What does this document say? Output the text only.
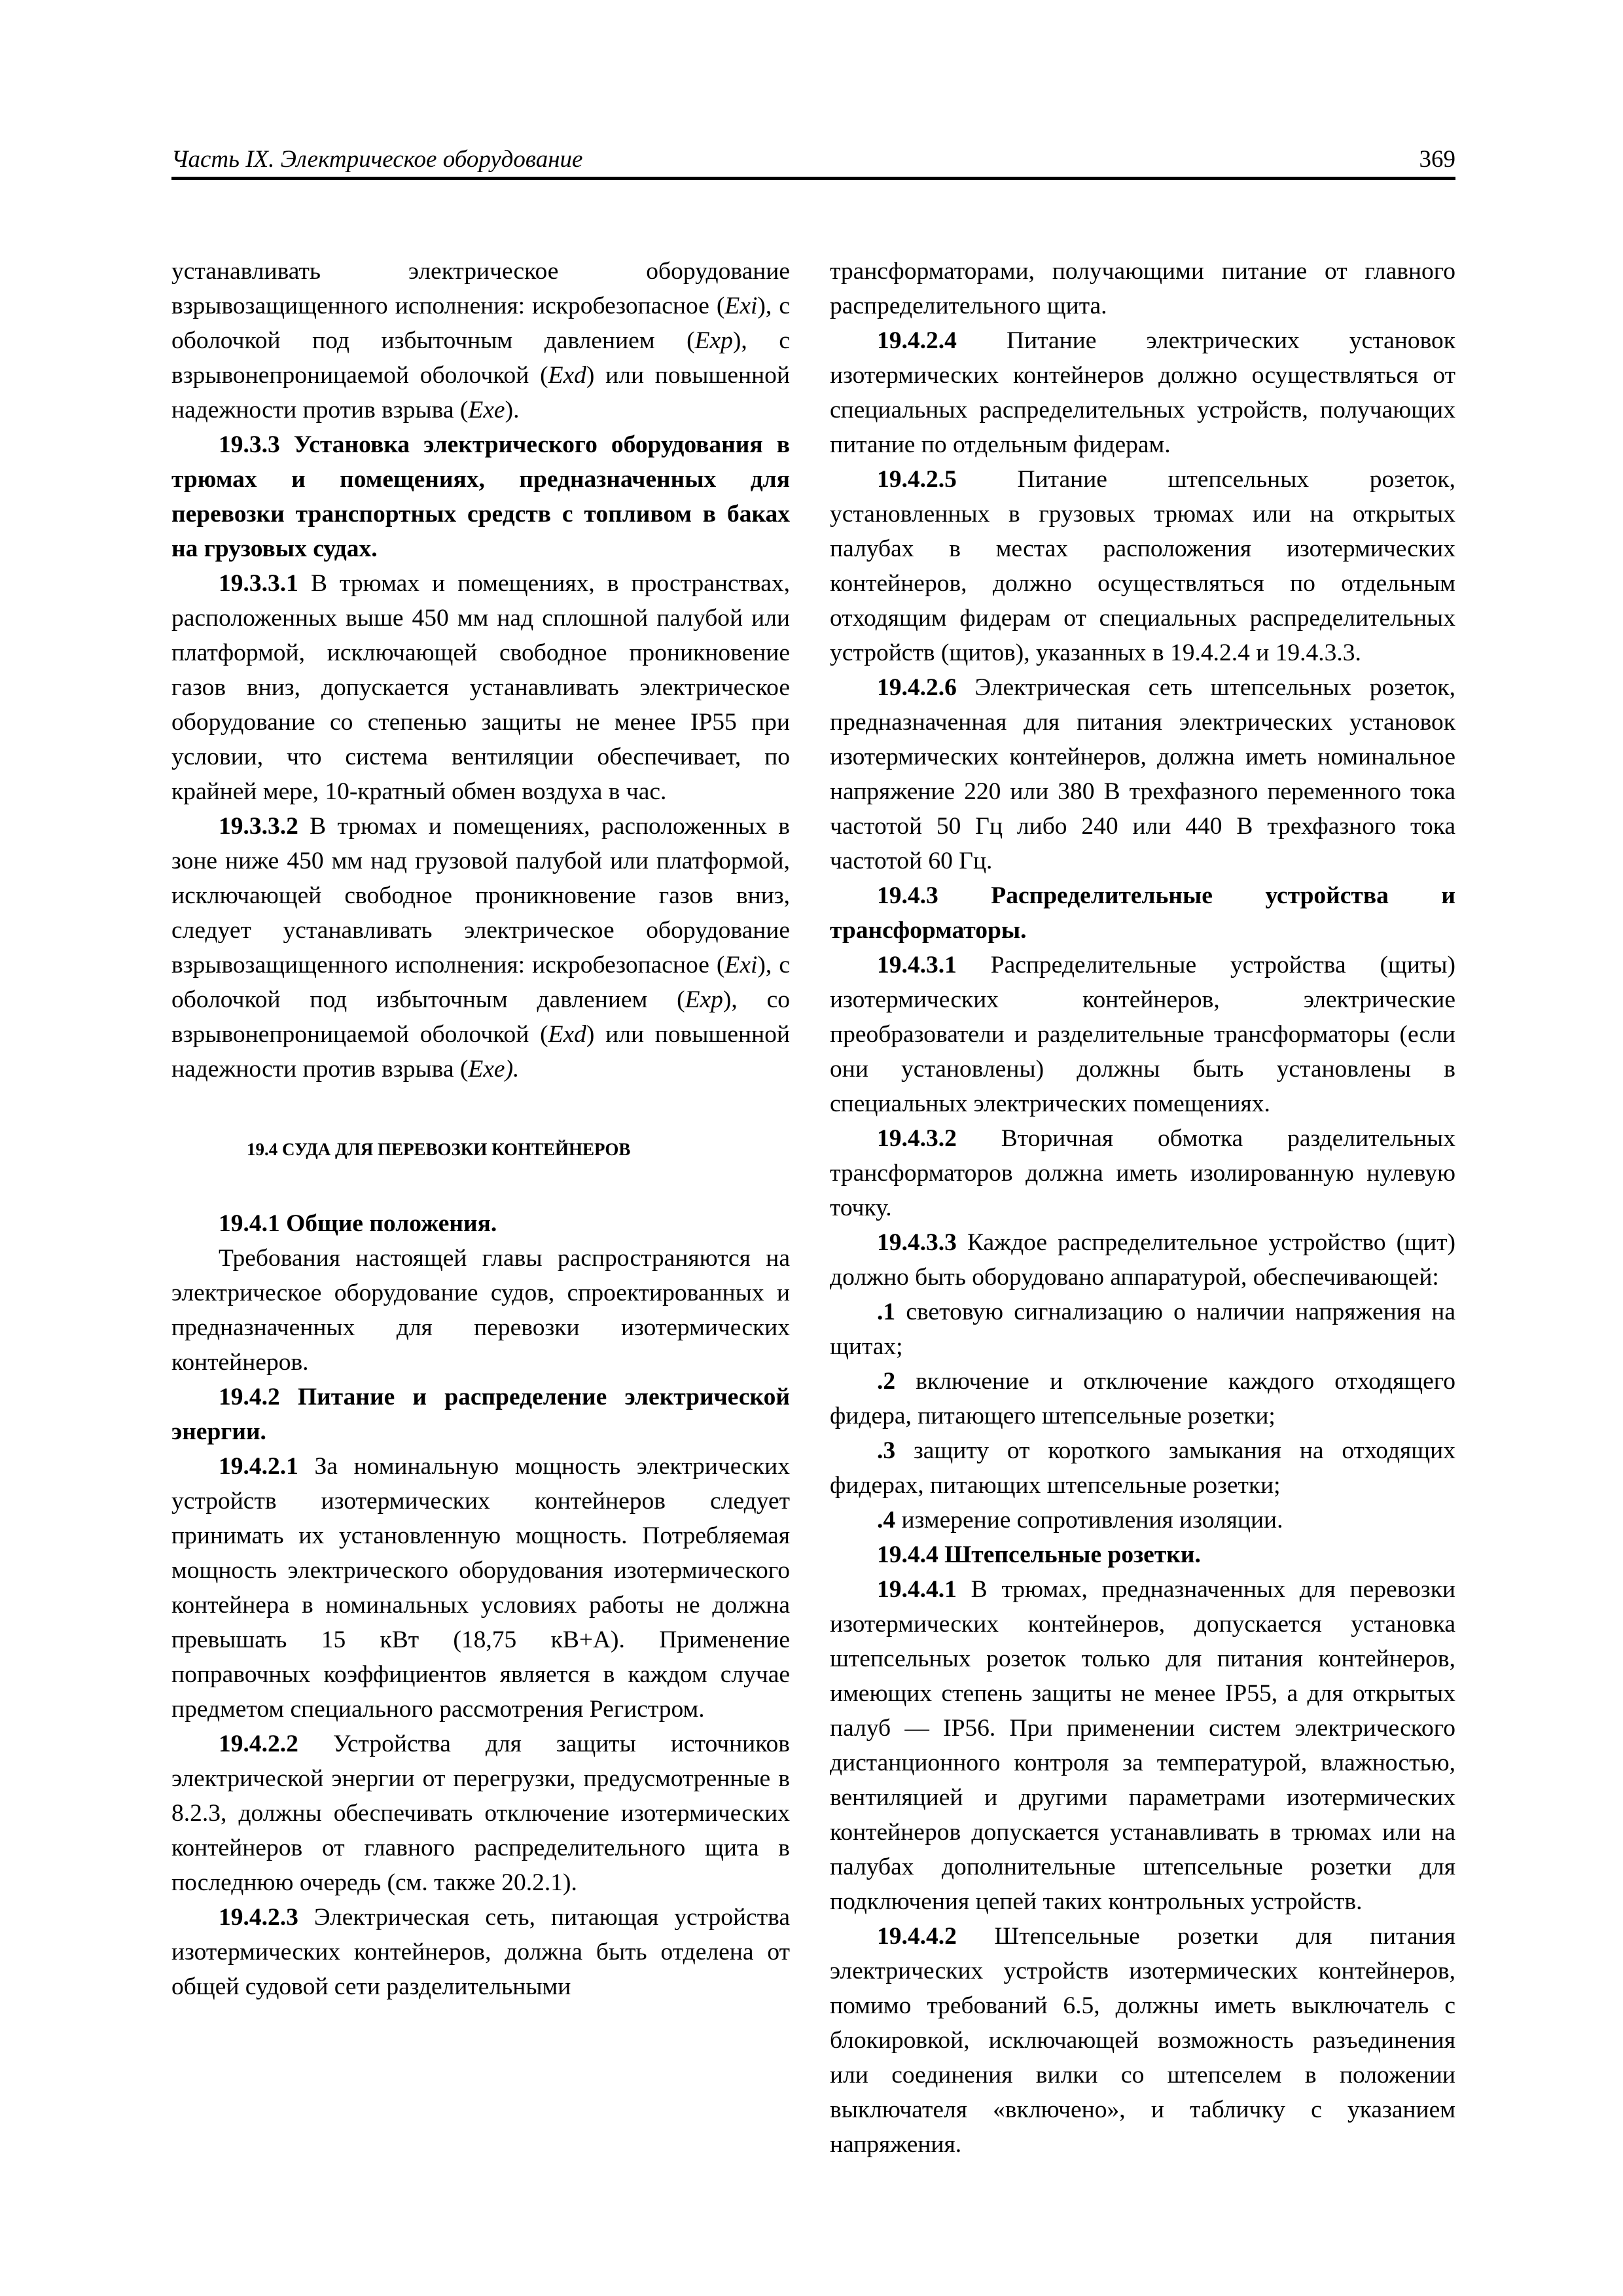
Часть IX. Электрическое оборудование	369

устанавливать электрическое оборудование взрывозащищенного исполнения: искробезопасное (Exi), с оболочкой под избыточным давлением (Exp), с взрывонепроницаемой оболочкой (Exd) или повышенной надежности против взрыва (Exe).

19.3.3 Установка электрического оборудования в трюмах и помещениях, предназначенных для перевозки транспортных средств с топливом в баках на грузовых судах.

19.3.3.1 В трюмах и помещениях, в пространствах, расположенных выше 450 мм над сплошной палубой или платформой, исключающей свободное проникновение газов вниз, допускается устанавливать электрическое оборудование со степенью защиты не менее IP55 при условии, что система вентиляции обеспечивает, по крайней мере, 10-кратный обмен воздуха в час.

19.3.3.2 В трюмах и помещениях, расположенных в зоне ниже 450 мм над грузовой палубой или платформой, исключающей свободное проникновение газов вниз, следует устанавливать электрическое оборудование взрывозащищенного исполнения: искробезопасное (Exi), с оболочкой под избыточным давлением (Exp), со взрывонепроницаемой оболочкой (Exd) или повышенной надежности против взрыва (Exe).

19.4 СУДА ДЛЯ ПЕРЕВОЗКИ КОНТЕЙНЕРОВ

19.4.1 Общие положения.

Требования настоящей главы распространяются на электрическое оборудование судов, спроектированных и предназначенных для перевозки изотермических контейнеров.

19.4.2 Питание и распределение электрической энергии.

19.4.2.1 За номинальную мощность электрических устройств изотермических контейнеров следует принимать их установленную мощность. Потребляемая мощность электрического оборудования изотермического контейнера в номинальных условиях работы не должна превышать 15 кВт (18,75 кВ+А). Применение поправочных коэффициентов является в каждом случае предметом специального рассмотрения Регистром.

19.4.2.2 Устройства для защиты источников электрической энергии от перегрузки, предусмотренные в 8.2.3, должны обеспечивать отключение изотермических контейнеров от главного распределительного щита в последнюю очередь (см. также 20.2.1).

19.4.2.3 Электрическая сеть, питающая устройства изотермических контейнеров, должна быть отделена от общей судовой сети разделительными

трансформаторами, получающими питание от главного распределительного щита.

19.4.2.4 Питание электрических установок изотермических контейнеров должно осуществляться от специальных распределительных устройств, получающих питание по отдельным фидерам.

19.4.2.5 Питание штепсельных розеток, установленных в грузовых трюмах или на открытых палубах в местах расположения изотермических контейнеров, должно осуществляться по отдельным отходящим фидерам от специальных распределительных устройств (щитов), указанных в 19.4.2.4 и 19.4.3.3.

19.4.2.6 Электрическая сеть штепсельных розеток, предназначенная для питания электрических установок изотермических контейнеров, должна иметь номинальное напряжение 220 или 380 В трехфазного переменного тока частотой 50 Гц либо 240 или 440 В трехфазного тока частотой 60 Гц.

19.4.3 Распределительные устройства и трансформаторы.

19.4.3.1 Распределительные устройства (щиты) изотермических контейнеров, электрические преобразователи и разделительные трансформаторы (если они установлены) должны быть установлены в специальных электрических помещениях.

19.4.3.2 Вторичная обмотка разделительных трансформаторов должна иметь изолированную нулевую точку.

19.4.3.3 Каждое распределительное устройство (щит) должно быть оборудовано аппаратурой, обеспечивающей:

.1 световую сигнализацию о наличии напряжения на щитах;

.2 включение и отключение каждого отходящего фидера, питающего штепсельные розетки;

.3 защиту от короткого замыкания на отходящих фидерах, питающих штепсельные розетки;

.4 измерение сопротивления изоляции.

19.4.4 Штепсельные розетки.

19.4.4.1 В трюмах, предназначенных для перевозки изотермических контейнеров, допускается установка штепсельных розеток только для питания контейнеров, имеющих степень защиты не менее IP55, а для открытых палуб — IP56. При применении систем электрического дистанционного контроля за температурой, влажностью, вентиляцией и другими параметрами изотермических контейнеров допускается устанавливать в трюмах или на палубах дополнительные штепсельные розетки для подключения цепей таких контрольных устройств.

19.4.4.2 Штепсельные розетки для питания электрических устройств изотермических контейнеров, помимо требований 6.5, должны иметь выключатель с блокировкой, исключающей возможность разъединения или соединения вилки со штепселем в положении выключателя «включено», и табличку с указанием напряжения.
